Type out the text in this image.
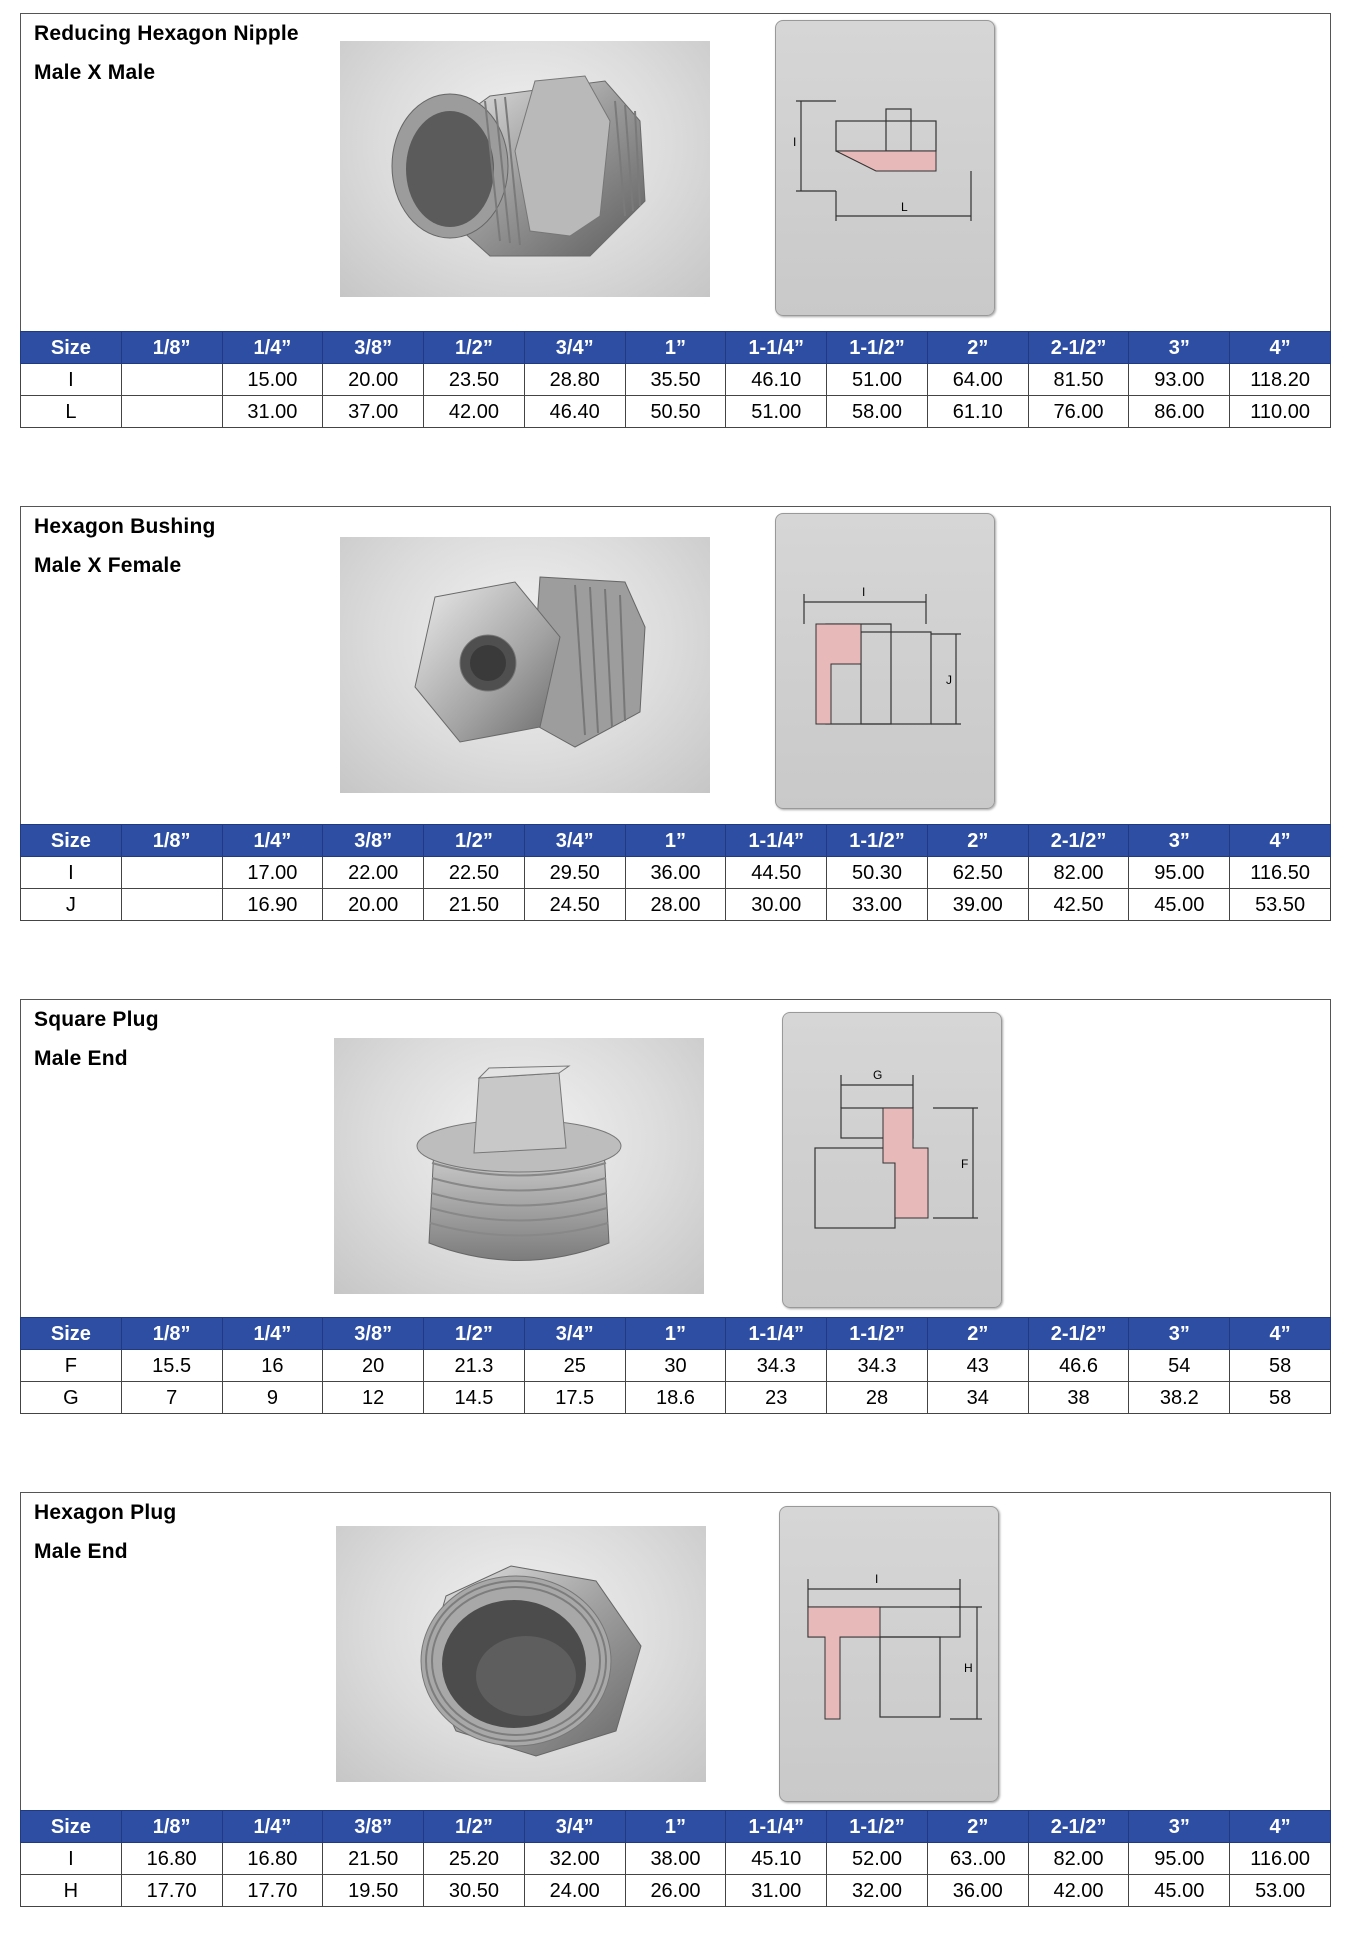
Reducing Hexagon Nipple
Male X Male
I
L
Size	1/8”	1/4”	3/8”	1/2”	3/4”	1”	1-1/4”	1-1/2”	2”	2-1/2”	3”	4”
I		15.00	20.00	23.50	28.80	35.50	46.10	51.00	64.00	81.50	93.00	118.20
L		31.00	37.00	42.00	46.40	50.50	51.00	58.00	61.10	76.00	86.00	110.00
Hexagon Bushing
Male X Female
I
J
Size	1/8”	1/4”	3/8”	1/2”	3/4”	1”	1-1/4”	1-1/2”	2”	2-1/2”	3”	4”
I		17.00	22.00	22.50	29.50	36.00	44.50	50.30	62.50	82.00	95.00	116.50
J		16.90	20.00	21.50	24.50	28.00	30.00	33.00	39.00	42.50	45.00	53.50
Square Plug
Male End
G
F
Size	1/8”	1/4”	3/8”	1/2”	3/4”	1”	1-1/4”	1-1/2”	2”	2-1/2”	3”	4”
F	15.5	16	20	21.3	25	30	34.3	34.3	43	46.6	54	58
G	7	9	12	14.5	17.5	18.6	23	28	34	38	38.2	58
Hexagon Plug
Male End
I
H
Size	1/8”	1/4”	3/8”	1/2”	3/4”	1”	1-1/4”	1-1/2”	2”	2-1/2”	3”	4”
I	16.80	16.80	21.50	25.20	32.00	38.00	45.10	52.00	63..00	82.00	95.00	116.00
H	17.70	17.70	19.50	30.50	24.00	26.00	31.00	32.00	36.00	42.00	45.00	53.00
